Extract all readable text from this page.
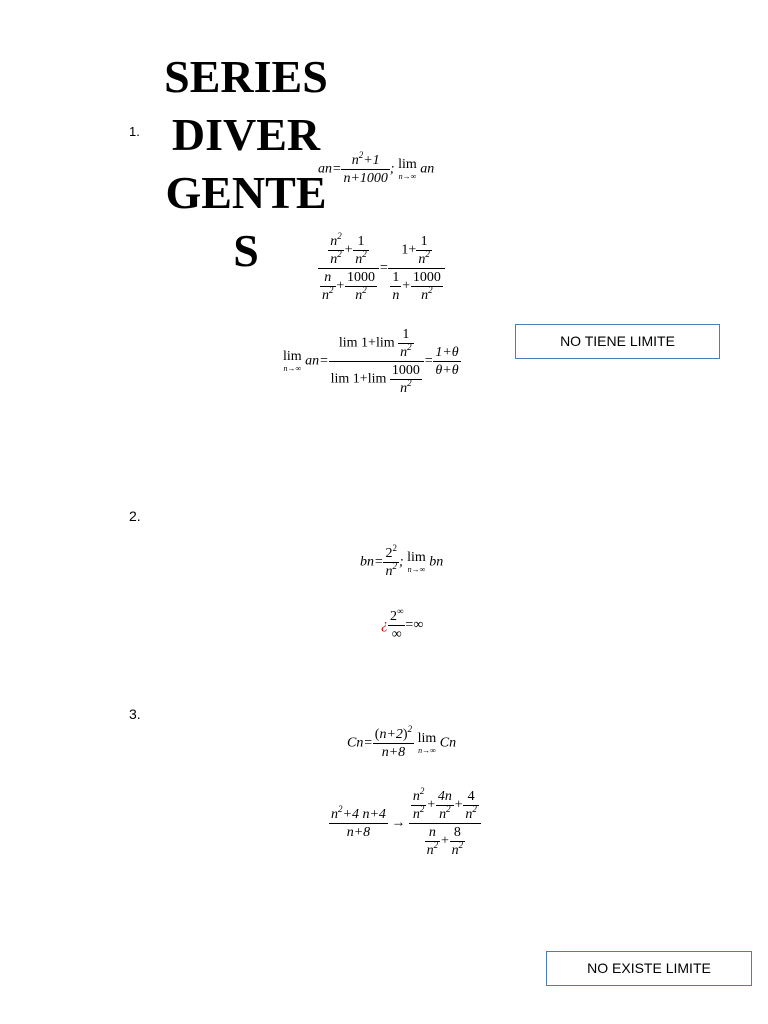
SERIES
DIVER
GENTE
S
1.
2.
3.
$an= \frac{n^2+1}{n+1000}$ ; lim
n→∞ an
$\frac{\frac{n^2}{n^2} + \frac{1}{n^2}}{\frac{n}{n^2} + \frac{1000}{n^2}} = \frac{1+ \frac{1}{n^2}}{\frac{1}{n} + \frac{1000}{n^2}}$
lim
n→∞ $an= \frac{\lim 1+\lim \frac{1}{n^2}}{\lim 1+\lim \frac{1000}{n^2}} = \frac{1+\theta}{\theta+\theta}$
NO TIENE LIMITE
$bn= \frac{2^2}{n^2}$ ; lim
n→∞ bn
¿ $\frac{2^\infty}{\infty}$ =∞
$Cn= \frac{(n+2)^2}{n+8}$ lim
n→∞ Cn
$\frac{n^2+4 n+4}{n+8} \to \frac{\frac{n^2}{n^2} + \frac{4n}{n^2} + \frac{4}{n^2}}{\frac{n}{n^2} + \frac{8}{n^2}}$
NO EXISTE LIMITE
